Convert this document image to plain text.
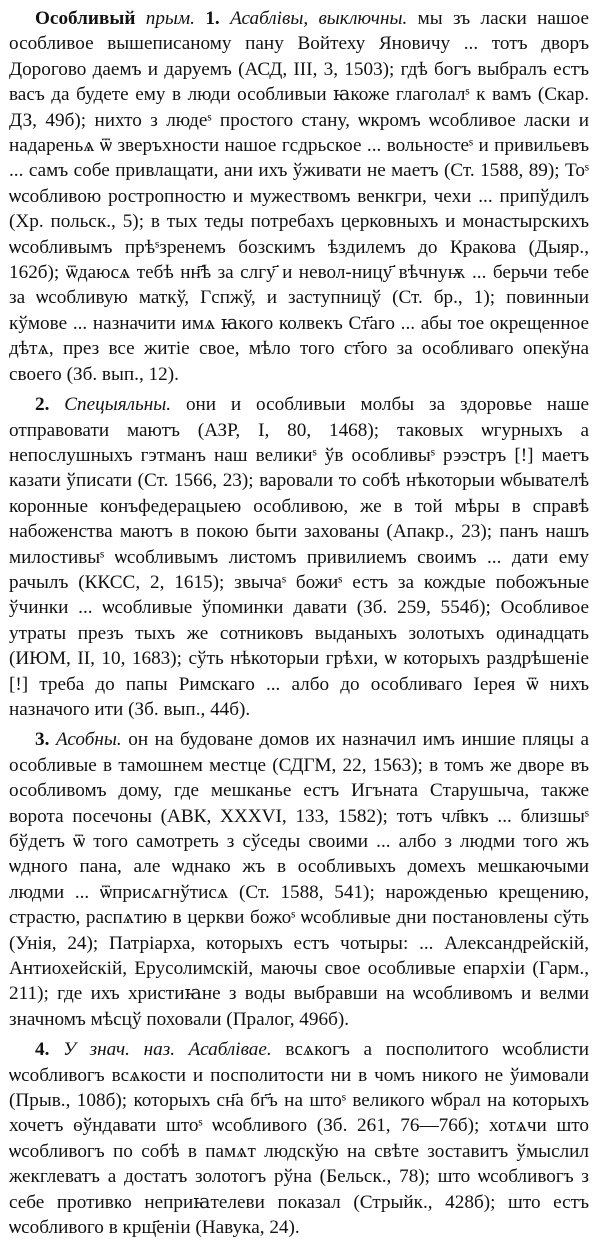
Особливый прым. 1. Асаблівы, выключны. мы зъ ласки нашое особливое вышеписаному пану Войтеху Яновичу ... тотъ дворъ Дорогово даемъ и даруемъ (АСД, III, 3, 1503); гдѣ богъ выбралъ естъ васъ да будете ему в люди особливыи ꙗкоже глаголалˢ к вамъ (Скар. ДЗ, 49б); нихто з людеˢ простого стану, ѡкромъ ѡсобливое ласки и надареньѧ ѿ зверъхности нашое гсдрьское ... вольностеˢ и привильевъ ... самъ собе привлащати, ани ихъ ўживати не маетъ (Ст. 1588, 89); Тоˢ ѡсобливою ростропностю и мужествомъ венкгри, чехи ... припўдилъ (Хр. польск., 5); в тых теды потребахъ церковныхъ и монастырскихъ ѡсобливымъ прѣˢзренемъ бозскимъ ѣздилемъ до Кракова (Дыяр., 162б); ѿдаюсѧ тебѣ нн҃ѣ за слгу҃ и невол-ницу҃ вѣчнуѭ ... берьчи тебе за ѡсобливую маткў, Гспжў, и заступницў (Ст. бр., 1); повинныи кўмове ... назначити имѧ ꙗкого колвекъ Ст҃аго ... абы тое окрещенное дѣтѧ, през все житіе свое, мѣло того ст҃ого за особливаго опекўна своего (Зб. вып., 12).

2. Спецыяльны. они и особливыи молбы за здоровье наше отправовати маютъ (АЗР, I, 80, 1468); таковых ѡгурныхъ а непослушныхъ гэтманъ наш великиˢ ўв особливыˢ рээстръ [!] маетъ казати ўписати (Ст. 1566, 23); варовали то собѣ нѣкоторыи ѡбывателѣ коронные конъфедерацыею особливою, же в той мѣры в справѣ набоженства маютъ в покою быти захованы (Апакр., 23); панъ нашъ милостивыˢ ѡсобливымъ листомъ привилиемъ своимъ ... дати ему рачылъ (ККСС, 2, 1615); звычаˢ божиˢ естъ за кождые побожъные ўчинки ... ѡсобливые ўпоминки давати (Зб. 259, 554б); Особливое утраты презъ тыхъ же сотниковъ выданыхъ золотыхъ одинадцать (ИЮМ, II, 10, 1683); сўть нѣкоторыи грѣхи, ѡ которыхъ раздрѣшеніе [!] треба до папы Римскаго ... албо до особливаго Іерея ѿ нихъ назначого ити (Зб. вып., 44б).

3. Асобны. он на будоване домов их назначил имъ иншие пляцы а особливые в тамошнем местце (СДГМ, 22, 1563); в томъ же дворе въ особливомъ дому, где мешканье естъ Игъната Старушыча, также ворота посечоны (АВК, XXXVI, 133, 1582); тотъ чл҃вкъ ... близшыˢ бўдетъ ѿ того самотреть з сўседы своими ... албо з людми того жъ ѡдного пана, але ѡднако жъ в особливыхъ домехъ мешкаючыми людми ... ѿприсѧгнўтисѧ (Ст. 1588, 541); нарожденью крещению, страстю, распѧтию в церкви божоˢ ѡсобливые дни постановлены сўть (Унія, 24); Патріарха, которыхъ естъ чотыры: ... Александрейскій, Антиохейскій, Ерусолимскій, маючы свое особливые епархіи (Гарм., 211); где ихъ христиꙗне з воды выбравши на ѡсобливомъ и велми значномъ мѣсцў поховали (Пралог, 496б).

4. У знач. наз. Асаблівае. всѧкогъ а посполитого ѡсоблисти ѡсобливогъ всѧкости и посполитости ни в чомъ никого не ўимовали (Прыв., 108б); которыхъ сн҃а бг҃ъ на штоˢ великого ѡбрал на которыхъ хочетъ ѳўндавати штоˢ ѡсобливого (Зб. 261, 76—76б); хотѧчи што ѡсобливогъ по собѣ в памѧт людскўю на свѣте зоставитъ ўмыслил жекглеватъ а достатъ золотогъ рўна (Бельск., 78); што ѡсобливогъ з себе противко неприꙗтелеви показал (Стрыйк., 428б); што естъ ѡсобливого в крщ҃еніи (Навука, 24).
